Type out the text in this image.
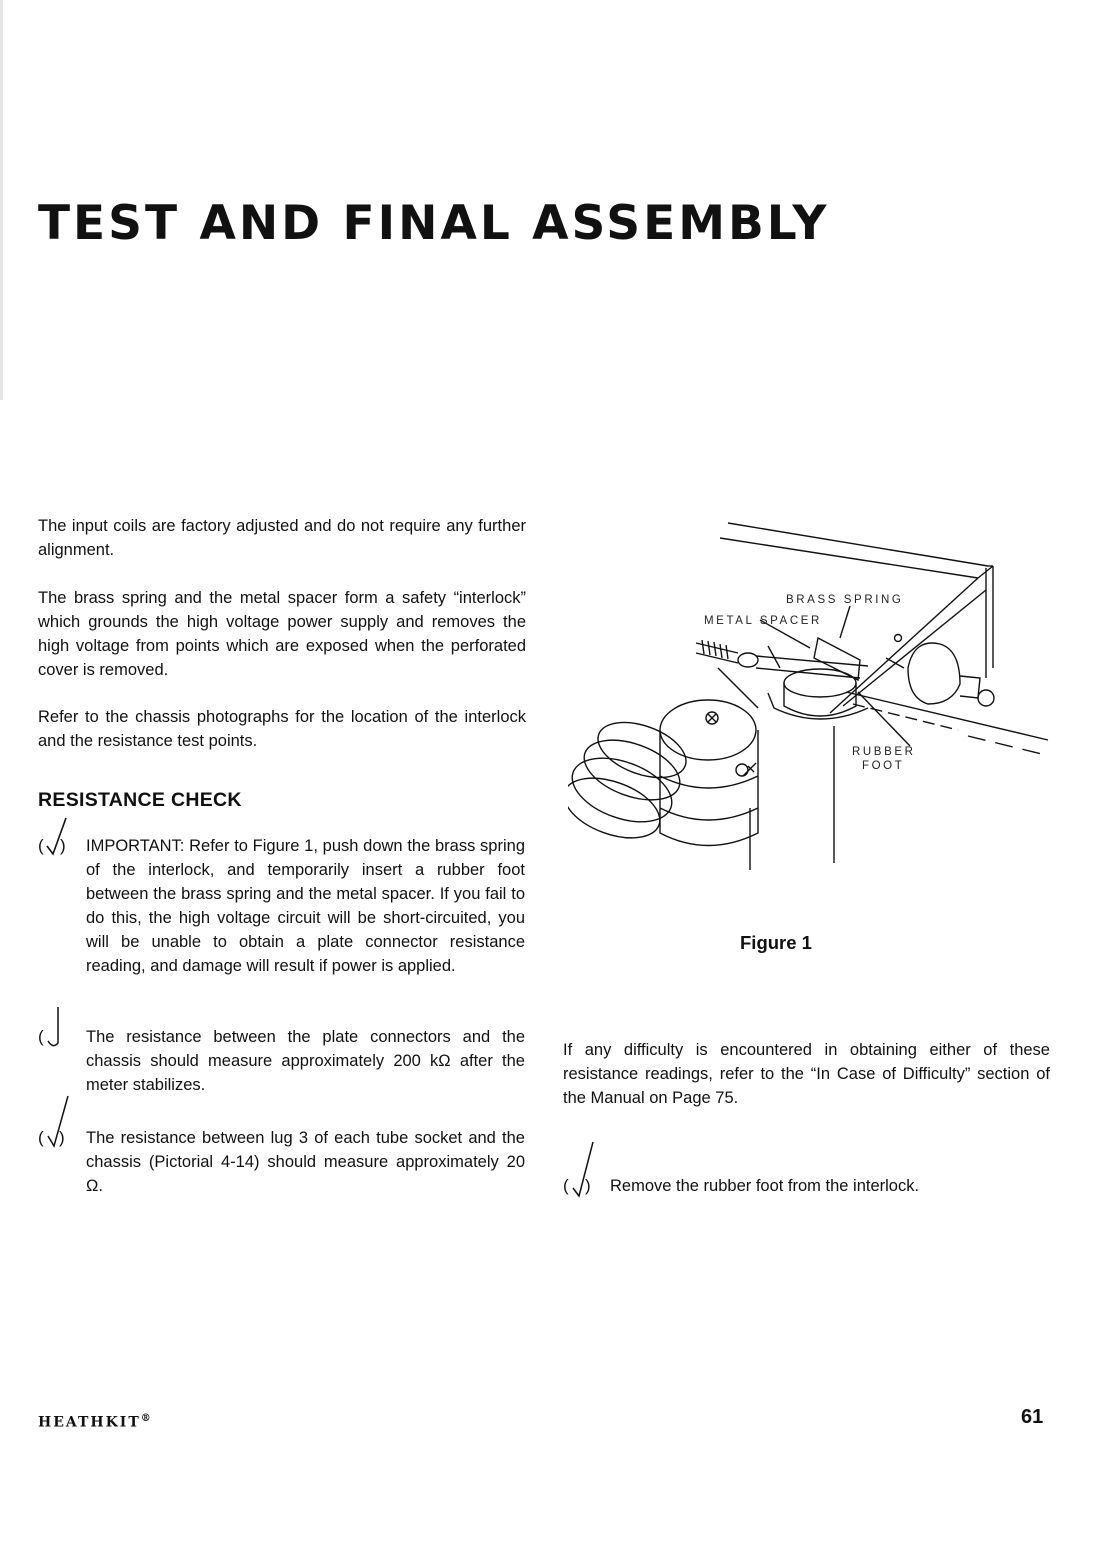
TEST AND FINAL ASSEMBLY

The input coils are factory adjusted and do not require any further alignment.

The brass spring and the metal spacer form a safety “interlock” which grounds the high voltage power supply and removes the high voltage from points which are exposed when the perforated cover is removed.

Refer to the chassis photographs for the location of the interlock and the resistance test points.

RESISTANCE CHECK
( ) IMPORTANT: Refer to Figure 1, push down the brass spring of the interlock, and temporarily insert a rubber foot between the brass spring and the metal spacer. If you fail to do this, the high voltage circuit will be short-circuited, you will be unable to obtain a plate connector resistance reading, and damage will result if power is applied.

(	The resistance between the plate connectors and the chassis should measure approximately 200 kΩ after the meter stabilizes.

( ) The resistance between lug 3 of each tube socket and the chassis (Pictorial 4-14) should measure approximately 20 Ω.

BRASS SPRING
METAL SPACER
RUBBER
FOOT

Figure 1

If any difficulty is encountered in obtaining either of these resistance readings, refer to the “In Case of Difficulty” section of the Manual on Page 75.

( ) Remove the rubber foot from the interlock.

HEATHKIT®	61
